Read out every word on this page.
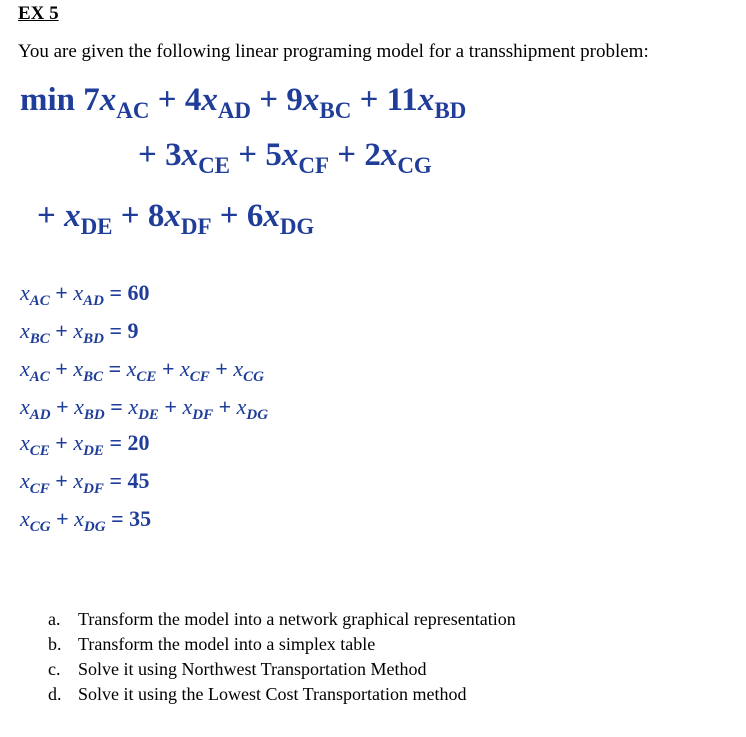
EX 5
You are given the following linear programing model for a transshipment problem:
$\min 7x_{AC} + 4x_{AD} + 9x_{BC} + 11x_{BD}$
+ $3x_{CE} + 5x_{CF} + 2x_{CG}$
+ $x_{DE} + 8x_{DF} + 6x_{DG}$
$x_{AC} + x_{AD} = 60$
$x_{BC} + x_{BD} = 9$
$x_{AC} + x_{BC} = x_{CE} + x_{CF} + x_{CG}$
$x_{AD} + x_{BD} = x_{DE} + x_{DF} + x_{DG}$
$x_{CE} + x_{DE} = 20$
$x_{CF} + x_{DF} = 45$
$x_{CG} + x_{DG} = 35$
a. Transform the model into a network graphical representation
b. Transform the model into a simplex table
c. Solve it using Northwest Transportation Method
d. Solve it using the Lowest Cost Transportation method
